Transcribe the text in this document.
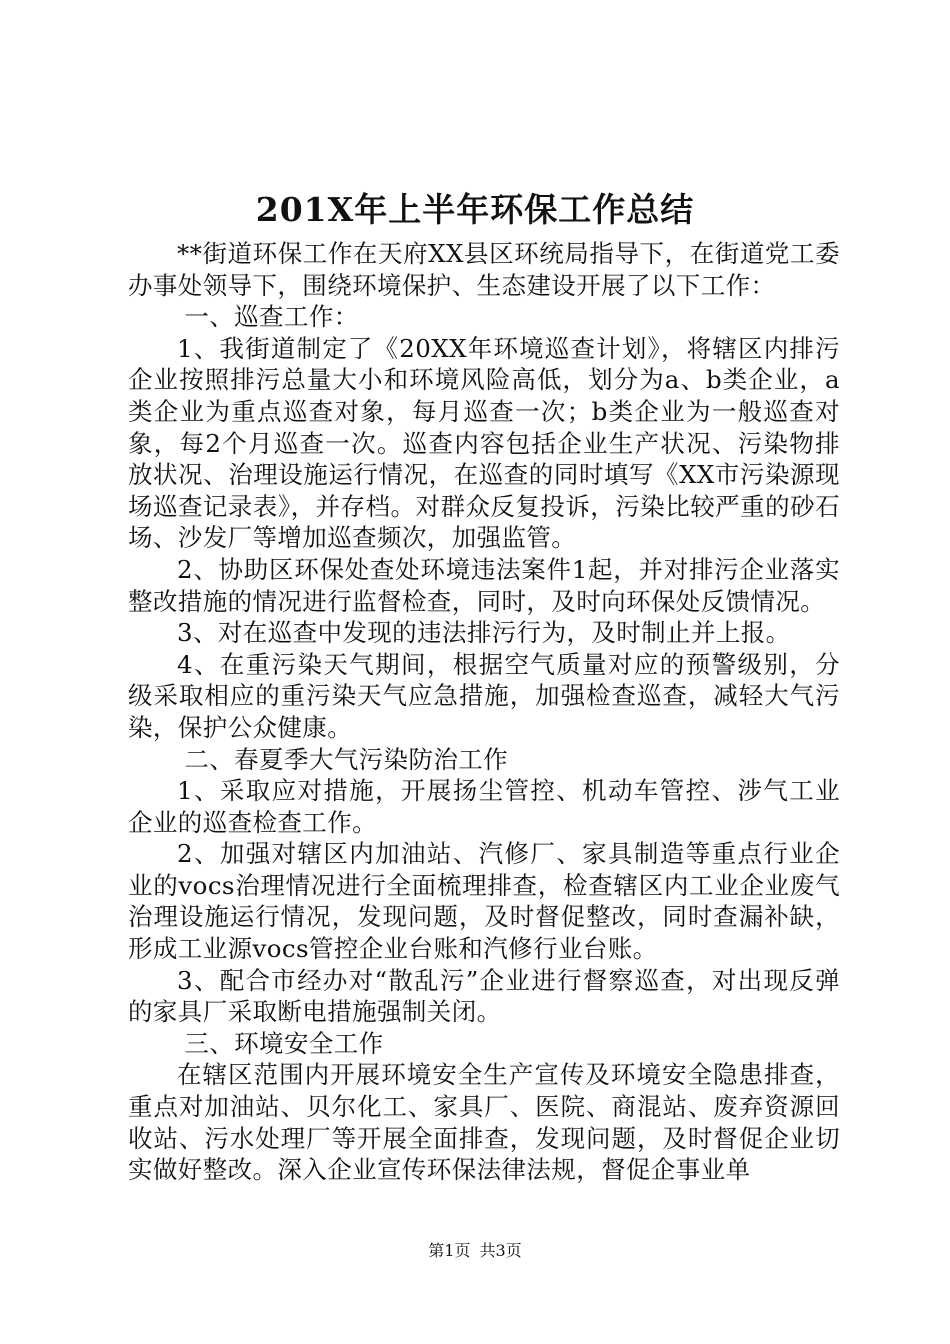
201X年上半年环保工作总结

**街道环保工作在天府XX县区环统局指导下，在街道党工委办事处领导下，围绕环境保护、生态建设开展了以下工作：

一、巡查工作：

1、我街道制定了《20XX年环境巡查计划》，将辖区内排污企业按照排污总量大小和环境风险高低，划分为a、b类企业，a类企业为重点巡查对象，每月巡查一次；b类企业为一般巡查对象，每2个月巡查一次。巡查内容包括企业生产状况、污染物排放状况、治理设施运行情况，在巡查的同时填写《XX市污染源现场巡查记录表》，并存档。对群众反复投诉，污染比较严重的砂石场、沙发厂等增加巡查频次，加强监管。

2、协助区环保处查处环境违法案件1起，并对排污企业落实整改措施的情况进行监督检查，同时，及时向环保处反馈情况。

3、对在巡查中发现的违法排污行为，及时制止并上报。

4、在重污染天气期间，根据空气质量对应的预警级别，分级采取相应的重污染天气应急措施，加强检查巡查，减轻大气污染，保护公众健康。

二、春夏季大气污染防治工作

1、采取应对措施，开展扬尘管控、机动车管控、涉气工业企业的巡查检查工作。

2、加强对辖区内加油站、汽修厂、家具制造等重点行业企业的vocs治理情况进行全面梳理排查，检查辖区内工业企业废气治理设施运行情况，发现问题，及时督促整改，同时查漏补缺，形成工业源vocs管控企业台账和汽修行业台账。

3、配合市经办对“散乱污”企业进行督察巡查，对出现反弹的家具厂采取断电措施强制关闭。

三、环境安全工作

在辖区范围内开展环境安全生产宣传及环境安全隐患排查，重点对加油站、贝尔化工、家具厂、医院、商混站、废弃资源回收站、污水处理厂等开展全面排查，发现问题，及时督促企业切实做好整改。深入企业宣传环保法律法规，督促企事业单

第1页 共3页
